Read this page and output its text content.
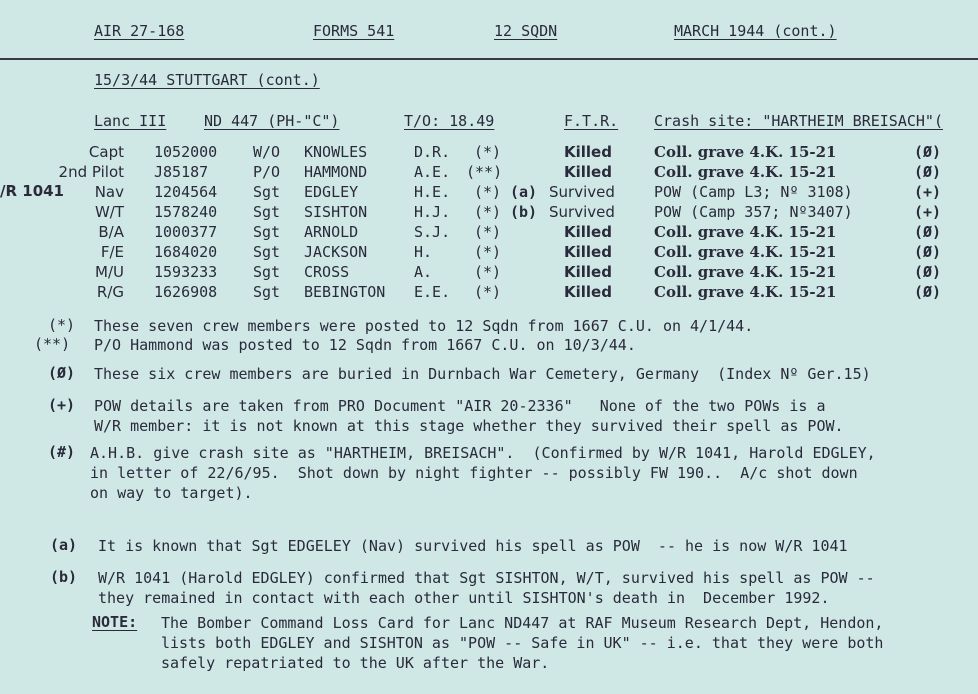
AIR 27-168	FORMS 541	12 SQDN	MARCH 1944 (cont.)
15/3/44 STUTTGART (cont.)
Lanc III	ND 447 (PH-"C")	T/O: 18.49	F.T.R. Crash site: "HARTHEIM BREISACH"(
/R 1041
Capt 1052000 W/O KNOWLES	D.R. (*)	Killed	Coll. grave 4.K. 15-21	(Ø)
2nd Pilot J85187	P/O HAMMOND	A.E. (**)	Killed	Coll. grave 4.K. 15-21	(Ø)
Nav 1204564 Sgt EDGLEY	H.E. (*) (a) Survived	POW (Camp L3; Nº 3108)	(+)
W/T 1578240 Sgt SISHTON	H.J. (*) (b) Survived	POW (Camp 357; Nº3407)	(+)
B/A 1000377 Sgt ARNOLD	S.J. (*)	Killed	Coll. grave 4.K. 15-21	(Ø)
F/E 1684020 Sgt JACKSON	H.	(*)	Killed	Coll. grave 4.K. 15-21	(Ø)
M/U 1593233 Sgt CROSS	A.	(*)	Killed	Coll. grave 4.K. 15-21	(Ø)
R/G 1626908 Sgt BEBINGTON E.E. (*)	Killed	Coll. grave 4.K. 15-21	(Ø)
(*) These seven crew members were posted to 12 Sqdn from 1667 C.U. on 4/1/44.
(**) P/O Hammond was posted to 12 Sqdn from 1667 C.U. on 10/3/44.
(Ø) These six crew members are buried in Durnbach War Cemetery, Germany  (Index Nº Ger.15)
(+) POW details are taken from PRO Document "AIR 20-2336"   None of the two POWs is a
W/R member: it is not known at this stage whether they survived their spell as POW.
(#) A.H.B. give crash site as "HARTHEIM, BREISACH".  (Confirmed by W/R 1041, Harold EDGLEY,
in letter of 22/6/95.  Shot down by night fighter -- possibly FW 190..  A/c shot down
on way to target).
(a) It is known that Sgt EDGELEY (Nav) survived his spell as POW  -- he is now W/R 1041
(b) W/R 1041 (Harold EDGLEY) confirmed that Sgt SISHTON, W/T, survived his spell as POW --
they remained in contact with each other until SISHTON's death in  December 1992.
NOTE: The Bomber Command Loss Card for Lanc ND447 at RAF Museum Research Dept, Hendon,
lists both EDGLEY and SISHTON as "POW -- Safe in UK" -- i.e. that they were both
safely repatriated to the UK after the War.
